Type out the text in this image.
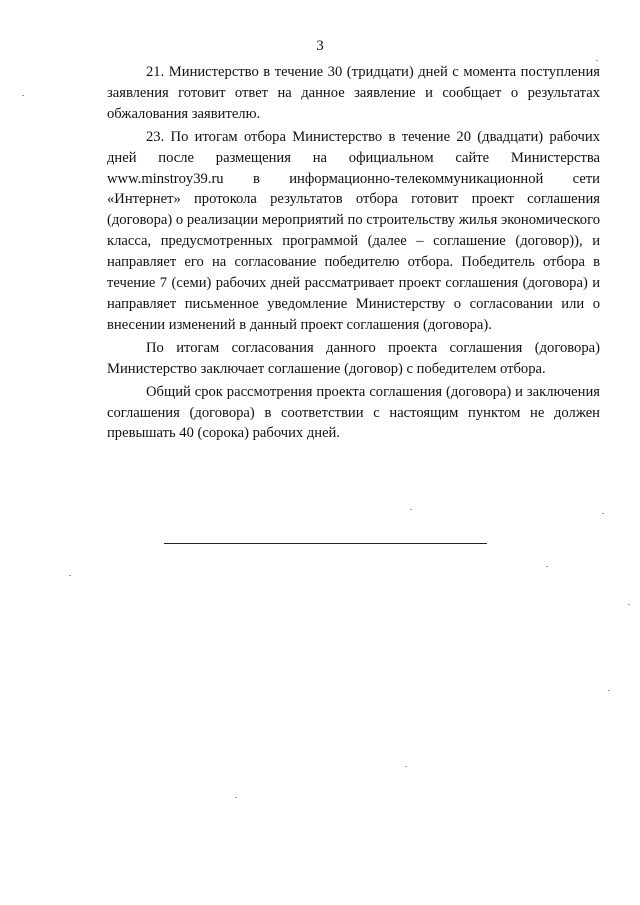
3

21. Министерство в течение 30 (тридцати) дней с момента поступления заявления готовит ответ на данное заявление и сообщает о результатах обжалования заявителю.

23. По итогам отбора Министерство в течение 20 (двадцати) рабочих дней после размещения на официальном сайте Министерства www.minstroy39.ru в информационно-телекоммуникационной сети «Интернет» протокола результатов отбора готовит проект соглашения (договора) о реализации мероприятий по строительству жилья экономического класса, предусмотренных программой (далее – соглашение (договор)), и направляет его на согласование победителю отбора. Победитель отбора в течение 7 (семи) рабочих дней рассматривает проект соглашения (договора) и направляет письменное уведомление Министерству о согласовании или о внесении изменений в данный проект соглашения (договора).

По итогам согласования данного проекта соглашения (договора) Министерство заключает соглашение (договор) с победителем отбора.

Общий срок рассмотрения проекта соглашения (договора) и заключения соглашения (договора) в соответствии с настоящим пунктом не должен превышать 40 (сорока) рабочих дней.
